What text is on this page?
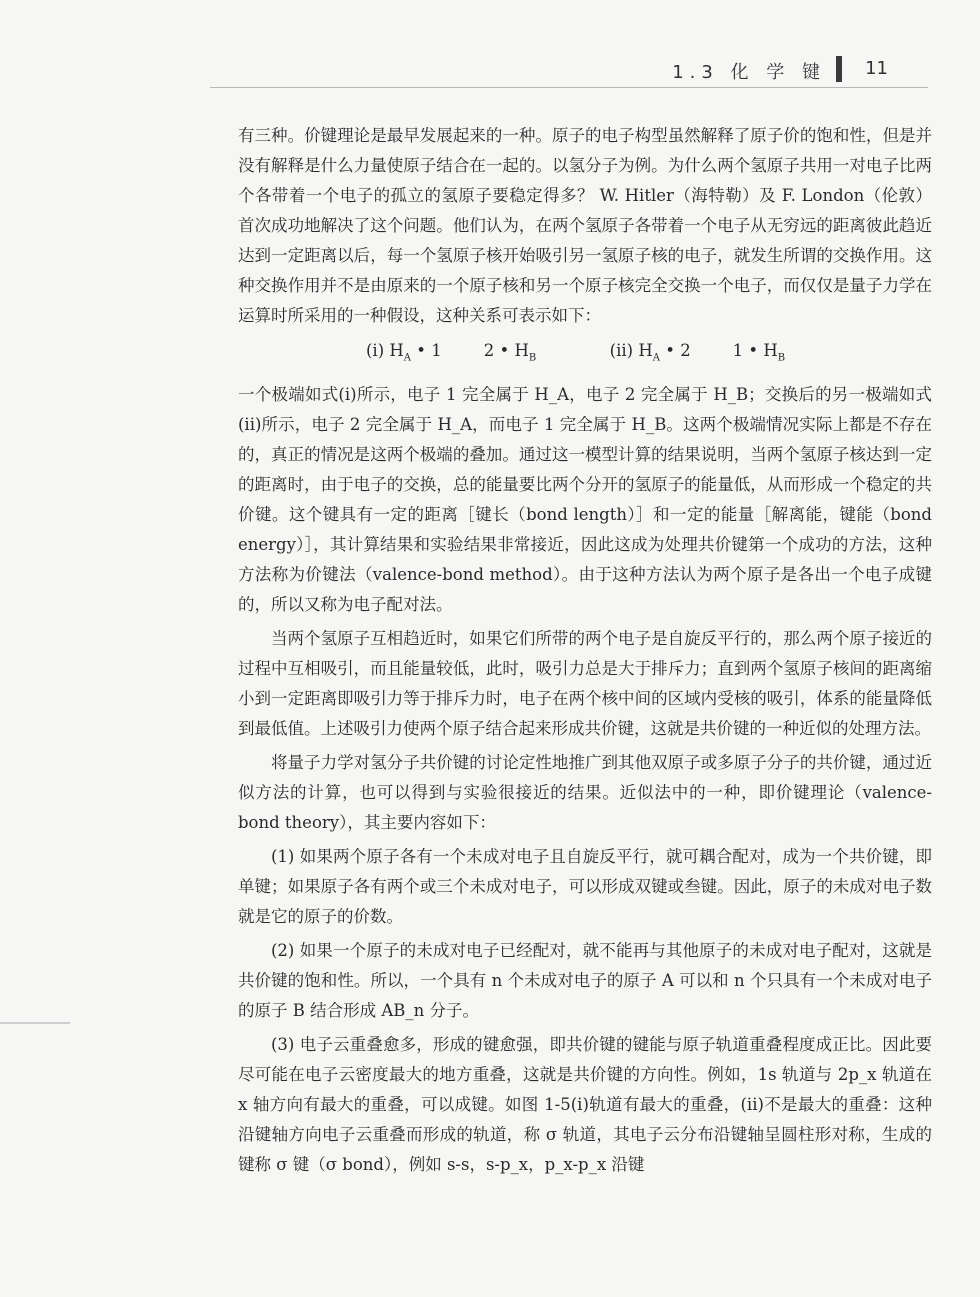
1.3 化 学 键 11

有三种。价键理论是最早发展起来的一种。原子的电子构型虽然解释了原子价的饱和性，但是并没有解释是什么力量使原子结合在一起的。以氢分子为例。为什么两个氢原子共用一对电子比两个各带着一个电子的孤立的氢原子要稳定得多？ W. Hitler（海特勒）及 F. London（伦敦）首次成功地解决了这个问题。他们认为，在两个氢原子各带着一个电子从无穷远的距离彼此趋近达到一定距离以后，每一个氢原子核开始吸引另一氢原子核的电子，就发生所谓的交换作用。这种交换作用并不是由原来的一个原子核和另一个原子核完全交换一个电子，而仅仅是量子力学在运算时所采用的一种假设，这种关系可表示如下：

(i) $H_A$ • 1	2 • $H_B$	(ii) $H_A$ • 2	1 • $H_B$

一个极端如式(i)所示，电子 1 完全属于 H_A，电子 2 完全属于 H_B；交换后的另一极端如式(ii)所示，电子 2 完全属于 H_A，而电子 1 完全属于 H_B。这两个极端情况实际上都是不存在的，真正的情况是这两个极端的叠加。通过这一模型计算的结果说明，当两个氢原子核达到一定的距离时，由于电子的交换，总的能量要比两个分开的氢原子的能量低，从而形成一个稳定的共价键。这个键具有一定的距离［键长（bond length）］和一定的能量［解离能，键能（bond energy）］，其计算结果和实验结果非常接近，因此这成为处理共价键第一个成功的方法，这种方法称为价键法（valence-bond method）。由于这种方法认为两个原子是各出一个电子成键的，所以又称为电子配对法。

当两个氢原子互相趋近时，如果它们所带的两个电子是自旋反平行的，那么两个原子接近的过程中互相吸引，而且能量较低，此时，吸引力总是大于排斥力；直到两个氢原子核间的距离缩小到一定距离即吸引力等于排斥力时，电子在两个核中间的区域内受核的吸引，体系的能量降低到最低值。上述吸引力使两个原子结合起来形成共价键，这就是共价键的一种近似的处理方法。

将量子力学对氢分子共价键的讨论定性地推广到其他双原子或多原子分子的共价键，通过近似方法的计算，也可以得到与实验很接近的结果。近似法中的一种，即价键理论（valence-bond theory），其主要内容如下：

(1) 如果两个原子各有一个未成对电子且自旋反平行，就可耦合配对，成为一个共价键，即单键；如果原子各有两个或三个未成对电子，可以形成双键或叁键。因此，原子的未成对电子数就是它的原子的价数。

(2) 如果一个原子的未成对电子已经配对，就不能再与其他原子的未成对电子配对，这就是共价键的饱和性。所以，一个具有 n 个未成对电子的原子 A 可以和 n 个只具有一个未成对电子的原子 B 结合形成 AB_n 分子。

(3) 电子云重叠愈多，形成的键愈强，即共价键的键能与原子轨道重叠程度成正比。因此要尽可能在电子云密度最大的地方重叠，这就是共价键的方向性。例如，1s 轨道与 2p_x 轨道在 x 轴方向有最大的重叠，可以成键。如图 1-5(i)轨道有最大的重叠，(ii)不是最大的重叠：这种沿键轴方向电子云重叠而形成的轨道，称 σ 轨道，其电子云分布沿键轴呈圆柱形对称，生成的键称 σ 键（σ bond），例如 s-s，s-p_x，p_x-p_x 沿键
